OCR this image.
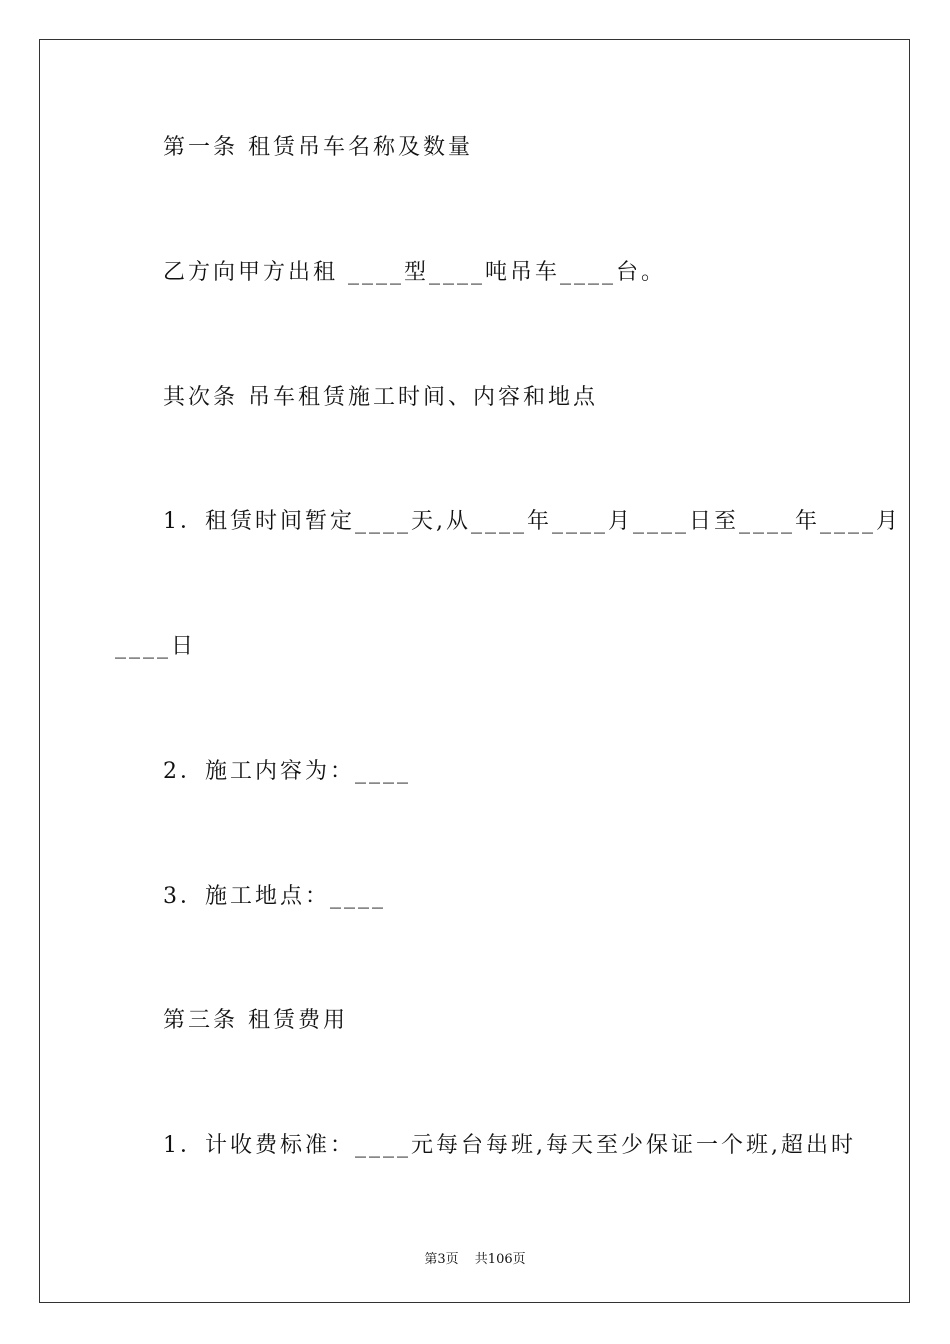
第一条 租赁吊车名称及数量
乙方向甲方出租 ____型____吨吊车____台。
其次条 吊车租赁施工时间、内容和地点
1．租赁时间暂定____天,从____年____月____日至____年____月
____日
2．施工内容为：____
3．施工地点：____
第三条 租赁费用
1．计收费标准：____元每台每班,每天至少保证一个班,超出时
第3页 共106页
